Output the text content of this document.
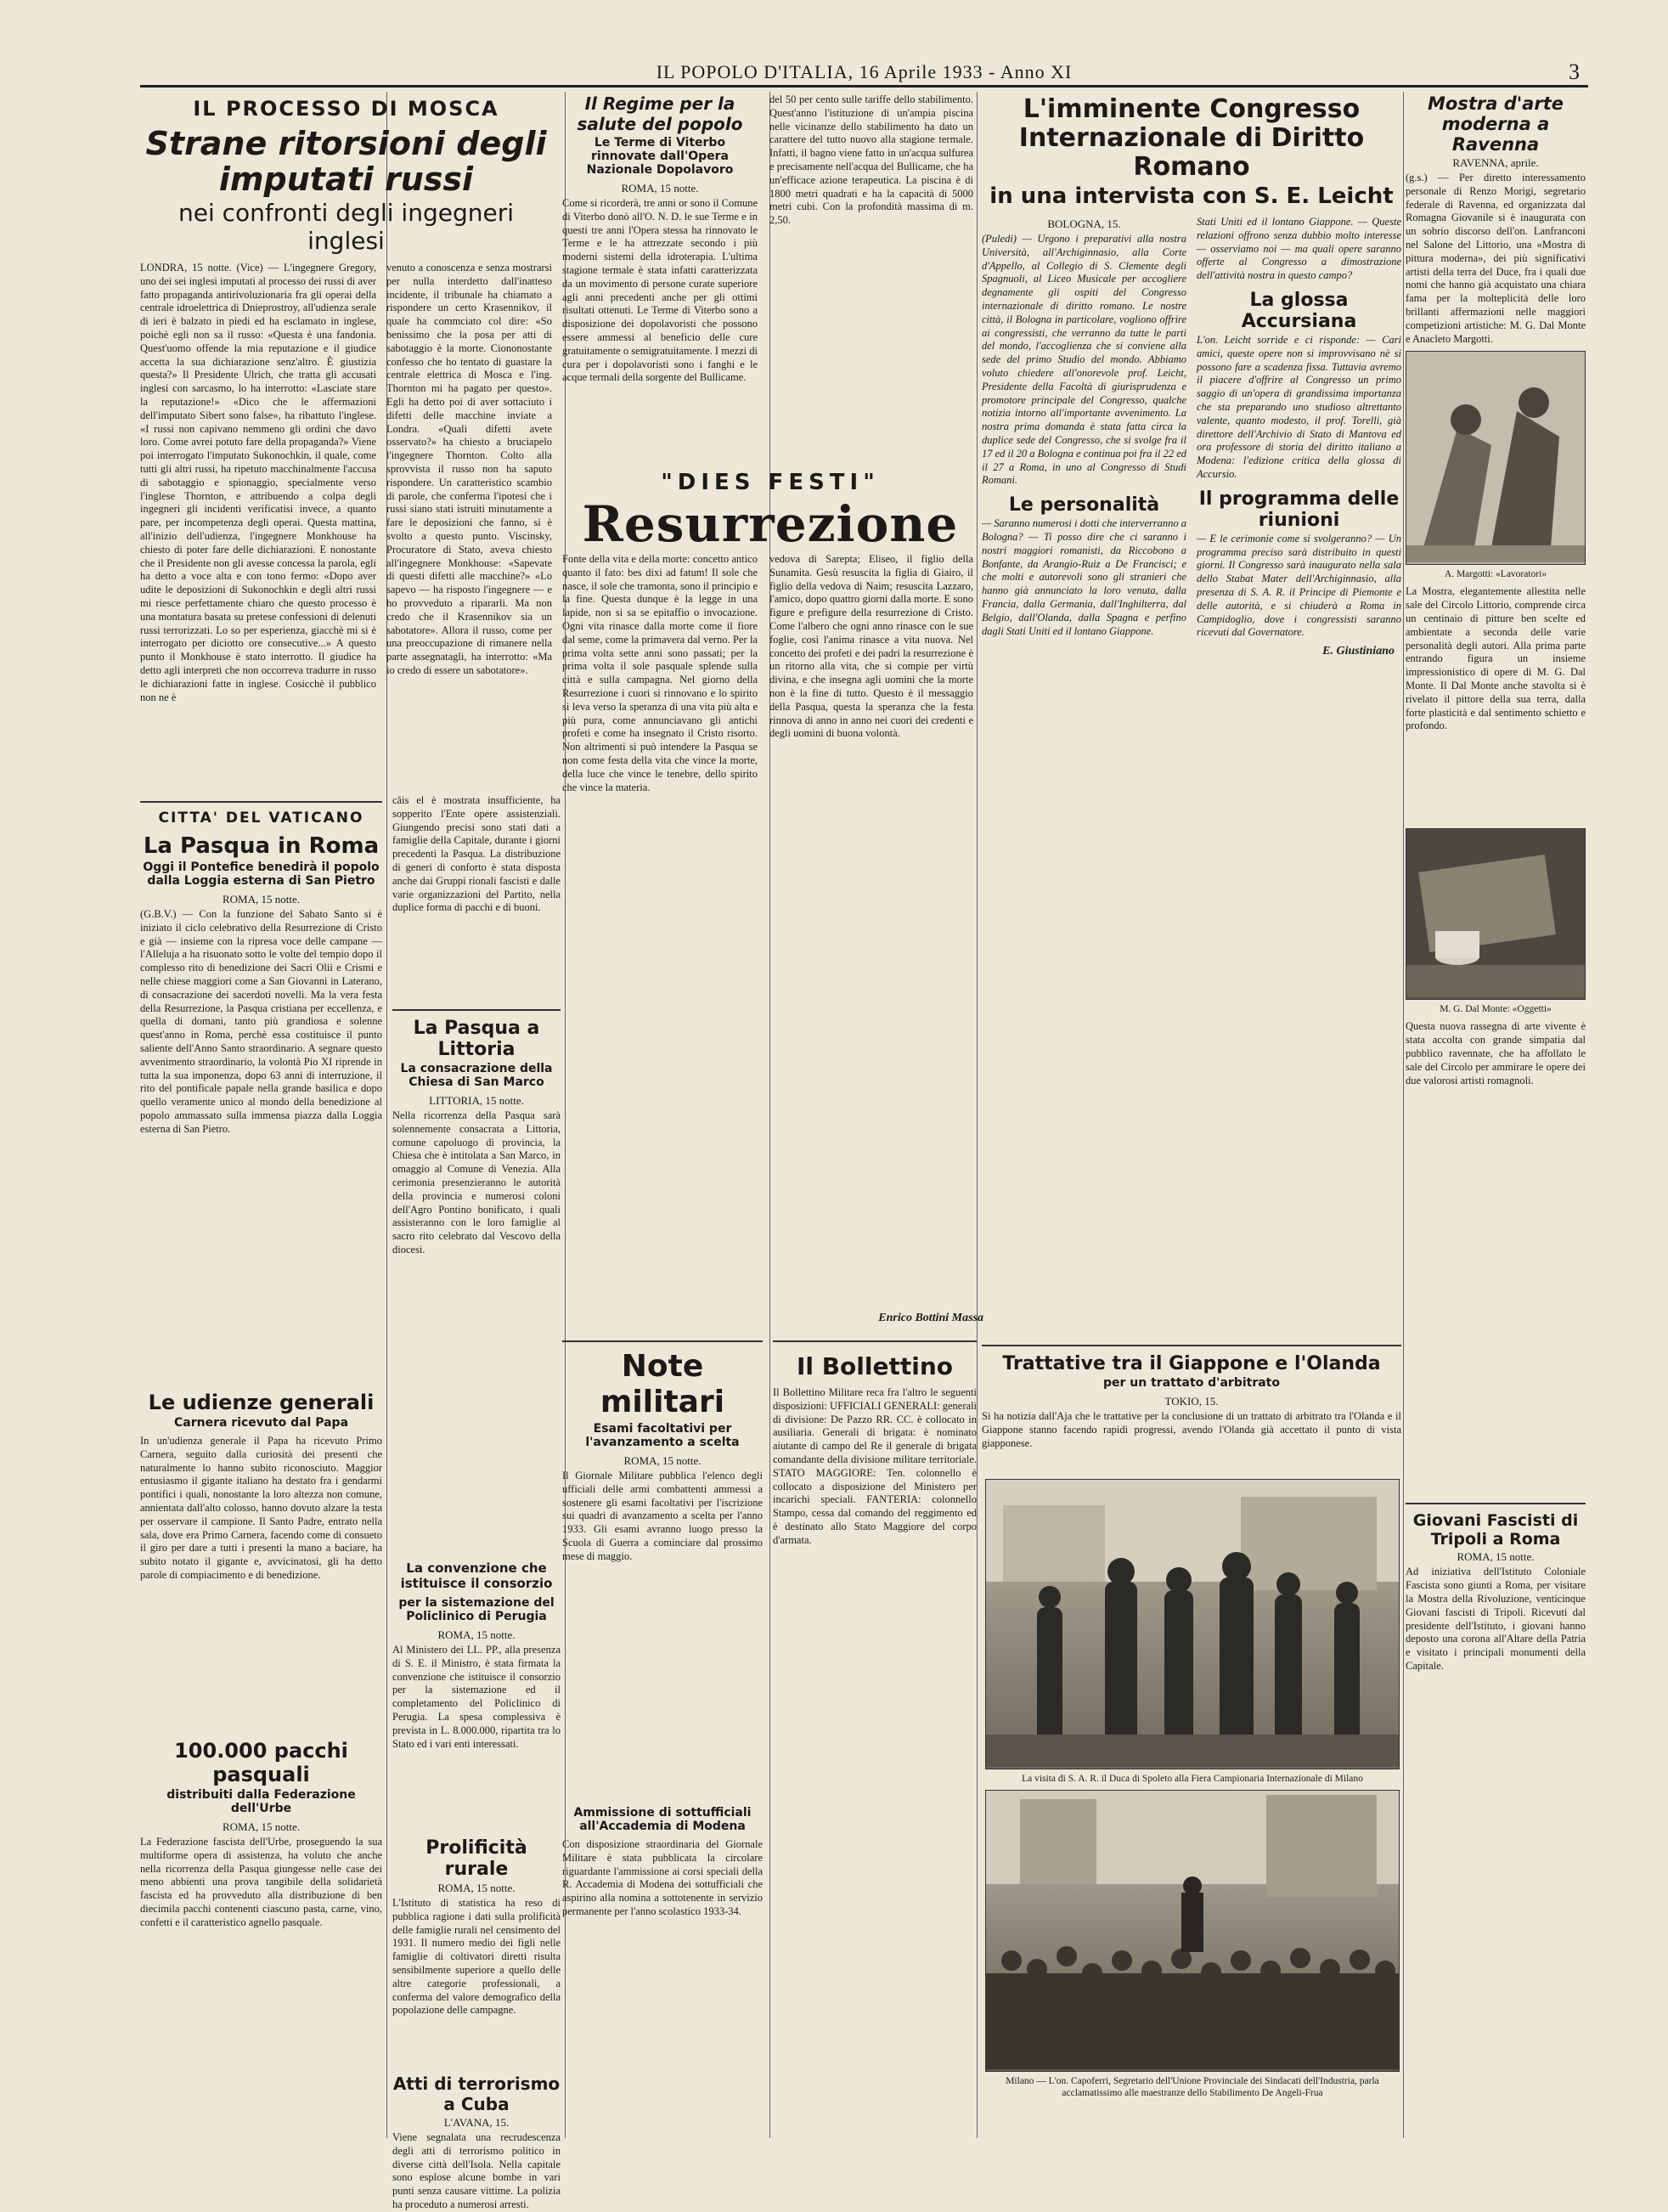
IL POPOLO D'ITALIA, 16 Aprile 1933 - Anno XI	3
IL PROCESSO DI MOSCA
Strane ritorsioni degli imputati russi
nei confronti degli ingegneri inglesi
LONDRA, 15 notte. (Vice) — L'ingegnere Gregory, uno dei sei inglesi imputati al processo dei russi di aver fatto propaganda antirivoluzionaria fra gli operai della centrale idroelettrica di Dnieprostroy, all'udienza serale di ieri è balzato in piedi ed ha esclamato in inglese, poichè egli non sa il russo: «Questa è una fandonia. Quest'uomo offende la mia reputazione e il giudice accetta la sua dichiarazione senz'altro. È giustizia questa?» Il Presidente Ulrich, che tratta gli accusati inglesi con sarcasmo, lo ha interrotto: «Lasciate stare la reputazione!» «Dico che le affermazioni dell'imputato Sibert sono false», ha ribattuto l'inglese. «I russi non capivano nemmeno gli ordini che davo loro. Come avrei potuto fare della propaganda?» Viene poi interrogato l'imputato Sukonochkin, il quale, come tutti gli altri russi, ha ripetuto macchinalmente l'accusa di sabotaggio e spionaggio, specialmente verso l'inglese Thornton, e attribuendo a colpa degli ingegneri gli incidenti verificatisi invece, a quanto pare, per incompetenza degli operai. Questa mattina, all'inizio dell'udienza, l'ingegnere Monkhouse ha chiesto di poter fare delle dichiarazioni. E nonostante che il Presidente non gli avesse concessa la parola, egli ha detto a voce alta e con tono fermo: «Dopo aver udite le deposizioni di Sukonochkin e degli altri russi mi riesce perfettamente chiaro che questo processo è una montatura basata su pretese confessioni di delenuti russi terrorizzati. Lo so per esperienza, giacchè mi si è interrogato per diciotto ore consecutive...» A questo punto il Monkhouse è stato interrotto. Il giudice ha detto agli interpreti che non occorreva tradurre in russo le dichiarazioni fatte in inglese. Cosicchè il pubblico non ne è
venuto a conoscenza e senza mostrarsi per nulla interdetto dall'inatteso incidente, il tribunale ha chiamato a rispondere un certo Krasennikov, il quale ha commciato col dire: «So benissimo che la posa per atti di sabotaggio è la morte. Ciononostante confesso che ho tentato di guastare la centrale elettrica di Mosca e l'ing. Thornton mi ha pagato per questo». Egli ha detto poi di aver sottaciuto i difetti delle macchine inviate a Londra. «Quali difetti avete osservato?» ha chiesto a bruciapelo l'ingegnere Thornton. Colto alla sprovvista il russo non ha saputo rispondere. Un caratteristico scambio di parole, che conferma l'ipotesi che i russi siano stati istruiti minutamente a fare le deposizioni che fanno, si è svolto a questo punto. Viscinsky, Procuratore di Stato, aveva chiesto all'ingegnere Monkhouse: «Sapevate di questi difetti alle macchine?» «Lo sapevo — ha risposto l'ingegnere — e ho provveduto a ripararli. Ma non credo che il Krasennikov sia un sabotatore». Allora il russo, come per una preoccupazione di rimanere nella parte assegnatagli, ha interrotto: «Ma io credo di essere un sabotatore».
CITTA' DEL VATICANO
La Pasqua in Roma
Oggi il Pontefice benedirà il popolo dalla Loggia esterna di San Pietro
ROMA, 15 notte.
(G.B.V.) — Con la funzione del Sabato Santo si è iniziato il ciclo celebrativo della Resurrezione di Cristo e già — insieme con la ripresa voce delle campane — l'Alleluja a ha risuonato sotto le volte del tempio dopo il complesso rito di benedizione dei Sacri Olii e Crismi e nelle chiese maggiori come a San Giovanni in Laterano, di consacrazione dei sacerdoti novelli. Ma la vera festa della Resurrezione, la Pasqua cristiana per eccellenza, e quella di domani, tanto più grandiosa e solenne quest'anno in Roma, perchè essa costituisce il punto saliente dell'Anno Santo straordinario. A segnare questo avvenimento straordinario, la volontà Pio XI riprende in tutta la sua imponenza, dopo 63 anni di interruzione, il rito del pontificale papale nella grande basilica e dopo quello veramente unico al mondo della benedizione al popolo ammassato sulla immensa piazza dalla Loggia esterna di San Pietro.
Le udienze generali
Carnera ricevuto dal Papa
In un'udienza generale il Papa ha ricevuto Primo Carnera, seguito dalla curiosità dei presenti che naturalmente lo hanno subito riconosciuto. Maggior entusiasmo il gigante italiano ha destato fra i gendarmi pontifici i quali, nonostante la loro altezza non comune, annientata dall'alto colosso, hanno dovuto alzare la testa per osservare il campione. Il Santo Padre, entrato nella sala, dove era Primo Carnera, facendo come di consueto il giro per dare a tutti i presenti la mano a baciare, ha subito notato il gigante e, avvicinatosi, gli ha detto parole di compiacimento e di benedizione.
100.000 pacchi pasquali
distribuiti dalla Federazione dell'Urbe
ROMA, 15 notte.
La Federazione fascista dell'Urbe, proseguendo la sua multiforme opera di assistenza, ha voluto che anche nella ricorrenza della Pasqua giungesse nelle case dei meno abbienti una prova tangibile della solidarietà fascista ed ha provveduto alla distribuzione di ben diecimila pacchi contenenti ciascuno pasta, carne, vino, confetti e il caratteristico agnello pasquale.
căis el è mostrata insufficiente, ha sopperito l'Ente opere assistenziali. Giungendo precisi sono stati dati a famiglie della Capitale, durante i giorni precedenti la Pasqua. La distribuzione di generi di conforto è stata disposta anche dai Gruppi rionali fascisti e dalle varie organizzazioni del Partito, nella duplice forma di pacchi e di buoni.
La Pasqua a Littoria
La consacrazione della Chiesa di San Marco
LITTORIA, 15 notte.
Nella ricorrenza della Pasqua sarà solennemente consacrata a Littoria, comune capoluogo di provincia, la Chiesa che è intitolata a San Marco, in omaggio al Comune di Venezia. Alla cerimonia presenzieranno le autorità della provincia e numerosi coloni dell'Agro Pontino bonificato, i quali assisteranno con le loro famiglie al sacro rito celebrato dal Vescovo della diocesi.
La convenzione che istituisce il consorzio
per la sistemazione del Policlinico di Perugia
ROMA, 15 notte.
Al Ministero dei LL. PP., alla presenza di S. E. il Ministro, è stata firmata la convenzione che istituisce il consorzio per la sistemazione ed il completamento del Policlinico di Perugia. La spesa complessiva è prevista in L. 8.000.000, ripartita tra lo Stato ed i vari enti interessati.
Prolificità rurale
ROMA, 15 notte.
L'Istituto di statistica ha reso di pubblica ragione i dati sulla prolificità delle famiglie rurali nel censimento del 1931. Il numero medio dei figli nelle famiglie di coltivatori diretti risulta sensibilmente superiore a quello delle altre categorie professionali, a conferma del valore demografico della popolazione delle campagne.
Atti di terrorismo a Cuba
L'AVANA, 15.
Viene segnalata una recrudescenza degli atti di terrorismo politico in diverse città dell'Isola. Nella capitale sono esplose alcune bombe in vari punti senza causare vittime. La polizia ha proceduto a numerosi arresti.
Il Regime per la salute del popolo
Le Terme di Viterbo rinnovate dall'Opera Nazionale Dopolavoro
ROMA, 15 notte.
Come si ricorderà, tre anni or sono il Comune di Viterbo donò all'O. N. D. le sue Terme e in questi tre anni l'Opera stessa ha rinnovato le Terme e le ha attrezzate secondo i più moderni sistemi della idroterapia. L'ultima stagione termale è stata infatti caratterizzata da un movimento di persone curate superiore agli anni precedenti anche per gli ottimi risultati ottenuti. Le Terme di Viterbo sono a disposizione dei dopolavoristi che possono essere ammessi al beneficio delle cure gratuitamente o semigratuitamente. I mezzi di cura per i dopolavoristi sono i fanghi e le acque termali della sorgente del Bullicame.
del 50 per cento sulle tariffe dello stabilimento. Quest'anno l'istituzione di un'ampia piscina nelle vicinanze dello stabilimento ha dato un carattere del tutto nuovo alla stagione termale. Infatti, il bagno viene fatto in un'acqua sulfurea e precisamente nell'acqua del Bullicame, che ha un'efficace azione terapeutica. La piscina è di 1800 metri quadrati e ha la capacità di 5000 metri cubi. Con la profondità massima di m. 2,50.
"DIES FESTI"
Resurrezione
Fonte della vita e della morte: concetto antico quanto il fato: bes dixi ad fatum! Il sole che nasce, il sole che tramonta, sono il principio e la fine. Questa dunque è la legge in una lapide, non si sa se epitaffio o invocazione. Ogni vita rinasce dalla morte come il fiore dal seme, come la primavera dal verno. Per la prima volta sette anni sono passati; per la prima volta il sole pasquale splende sulla città e sulla campagna. Nel giorno della Resurrezione i cuori si rinnovano e lo spirito si leva verso la speranza di una vita più alta e più pura, come annunciavano gli antichi profeti e come ha insegnato il Cristo risorto. Non altrimenti si può intendere la Pasqua se non come festa della vita che vince la morte, della luce che vince le tenebre, dello spirito che vince la materia.
vedova di Sarepta; Eliseo, il figlio della Sunamita. Gesù resuscita la figlia di Giairo, il figlio della vedova di Naim; resuscita Lazzaro, l'amico, dopo quattro giorni dalla morte. E sono figure e prefigure della resurrezione di Cristo. Come l'albero che ogni anno rinasce con le sue foglie, così l'anima rinasce a vita nuova. Nel concetto dei profeti e dei padri la resurrezione è un ritorno alla vita, che si compie per virtù divina, e che insegna agli uomini che la morte non è la fine di tutto. Questo è il messaggio della Pasqua, questa la speranza che la festa rinnova di anno in anno nei cuori dei credenti e degli uomini di buona volontà.
Enrico Bottini Massa
Note militari
Esami facoltativi per l'avanzamento a scelta
ROMA, 15 notte.
Il Giornale Militare pubblica l'elenco degli ufficiali delle armi combattenti ammessi a sostenere gli esami facoltativi per l'iscrizione sui quadri di avanzamento a scelta per l'anno 1933. Gli esami avranno luogo presso la Scuola di Guerra a cominciare dal prossimo mese di maggio.
Ammissione di sottufficiali all'Accademia di Modena
Con disposizione straordinaria del Giornale Militare è stata pubblicata la circolare riguardante l'ammissione ai corsi speciali della R. Accademia di Modena dei sottufficiali che aspirino alla nomina a sottotenente in servizio permanente per l'anno scolastico 1933-34.
Il Bollettino
Il Bollettino Militare reca fra l'altro le seguenti disposizioni: UFFICIALI GENERALI: generali di divisione: De Pazzo RR. CC. è collocato in ausiliaria. Generali di brigata: è nominato aiutante di campo del Re il generale di brigata comandante della divisione militare territoriale. STATO MAGGIORE: Ten. colonnello è collocato a disposizione del Ministero per incarichi speciali. FANTERIA: colonnello Stampo, cessa dal comando del reggimento ed è destinato allo Stato Maggiore del corpo d'armata.
L'imminente Congresso Internazionale di Diritto Romano
in una intervista con S. E. Leicht
BOLOGNA, 15.
(Puledi) — Urgono i preparativi alla nostra Università, all'Archiginnasio, alla Corte d'Appello, al Collegio di S. Clemente degli Spagnuoli, al Liceo Musicale per accogliere degnamente gli ospiti del Congresso internazionale di diritto romano. Le nostre città, il Bologna in particolare, vogliono offrire ai congressisti, che verranno da tutte le parti del mondo, l'accoglienza che si conviene alla sede del primo Studio del mondo. Abbiamo voluto chiedere all'onorevole prof. Leicht, Presidente della Facoltà di giurisprudenza e promotore principale del Congresso, qualche notizia intorno all'importante avvenimento. La nostra prima domanda è stata fatta circa la duplice sede del Congresso, che si svolge fra il 17 ed il 20 a Bologna e continua poi fra il 22 ed il 27 a Roma, in uno al Congresso di Studi Romani.
Le personalità
— Saranno numerosi i dotti che interverranno a Bologna? — Ti posso dire che ci saranno i nostri maggiori romanisti, da Riccobono a Bonfante, da Arangio-Ruiz a De Francisci; e che molti e autorevoli sono gli stranieri che hanno già annunciato la loro venuta, dalla Francia, dalla Germania, dall'Inghilterra, dal Belgio, dall'Olanda, dalla Spagna e perfino dagli Stati Uniti ed il lontano Giappone.
Stati Uniti ed il lontano Giappone. — Queste relazioni offrono senza dubbio molto interesse — osserviamo noi — ma quali opere saranno offerte al Congresso a dimostrazione dell'attività nostra in questo campo?
La glossa Accursiana
L'on. Leicht sorride e ci risponde: — Cari amici, queste opere non si improvvisano nè si possono fare a scadenza fissa. Tuttavia avremo il piacere d'offrire al Congresso un primo saggio di un'opera di grandissima importanza che sta preparando uno studioso altrettanto valente, quanto modesto, il prof. Torelli, già direttore dell'Archivio di Stato di Mantova ed ora professore di storia del diritto italiano a Modena: l'edizione critica della glossa di Accursio.
Il programma delle riunioni
— E le cerimonie come si svolgeranno? — Un programma preciso sarà distribuito in questi giorni. Il Congresso sarà inaugurato nella sala dello Stabat Mater dell'Archiginnasio, alla presenza di S. A. R. il Principe di Piemonte e delle autorità, e si chiuderà a Roma in Campidoglio, dove i congressisti saranno ricevuti dal Governatore.
E. Giustiniano
Trattative tra il Giappone e l'Olanda
per un trattato d'arbitrato
TOKIO, 15.
Si ha notizia dall'Aja che le trattative per la conclusione di un trattato di arbitrato tra l'Olanda e il Giappone stanno facendo rapidi progressi, avendo l'Olanda già accettato il punto di vista giapponese.
La visita di S. A. R. il Duca di Spoleto alla Fiera Campionaria Internazionale di Milano
Milano — L'on. Capoferri, Segretario dell'Unione Provinciale dei Sindacati dell'Industria, parla acclamatissimo alle maestranze dello Stabilimento De Angeli-Frua
Mostra d'arte moderna a Ravenna
RAVENNA, aprile.
(g.s.) — Per diretto interessamento personale di Renzo Morigi, segretario federale di Ravenna, ed organizzata dal Romagna Giovanile si è inaugurata con un sobrio discorso dell'on. Lanfranconi nel Salone del Littorio, una «Mostra di pittura moderna», dei più significativi artisti della terra del Duce, fra i quali due nomi che hanno già acquistato una chiara fama per la molteplicità delle loro brillanti affermazioni nelle maggiori competizioni artistiche: M. G. Dal Monte e Anacleto Margotti.
A. Margotti: «Lavoratori»
La Mostra, elegantemente allestita nelle sale del Circolo Littorio, comprende circa un centinaio di pitture ben scelte ed ambientate a seconda delle varie personalità degli autori. Alla prima parte entrando figura un insieme impressionistico di opere di M. G. Dal Monte. Il Dal Monte anche stavolta si è rivelato il pittore della sua terra, dalla forte plasticità e dal sentimento schietto e profondo.
M. G. Dal Monte: «Oggetti»
Questa nuova rassegna di arte vivente è stata accolta con grande simpatia dal pubblico ravennate, che ha affollato le sale del Circolo per ammirare le opere dei due valorosi artisti romagnoli.
Giovani Fascisti di Tripoli a Roma
ROMA, 15 notte.
Ad iniziativa dell'Istituto Coloniale Fascista sono giunti a Roma, per visitare la Mostra della Rivoluzione, venticinque Giovani fascisti di Tripoli. Ricevuti dal presidente dell'Istituto, i giovani hanno deposto una corona all'Altare della Patria e visitato i principali monumenti della Capitale.
